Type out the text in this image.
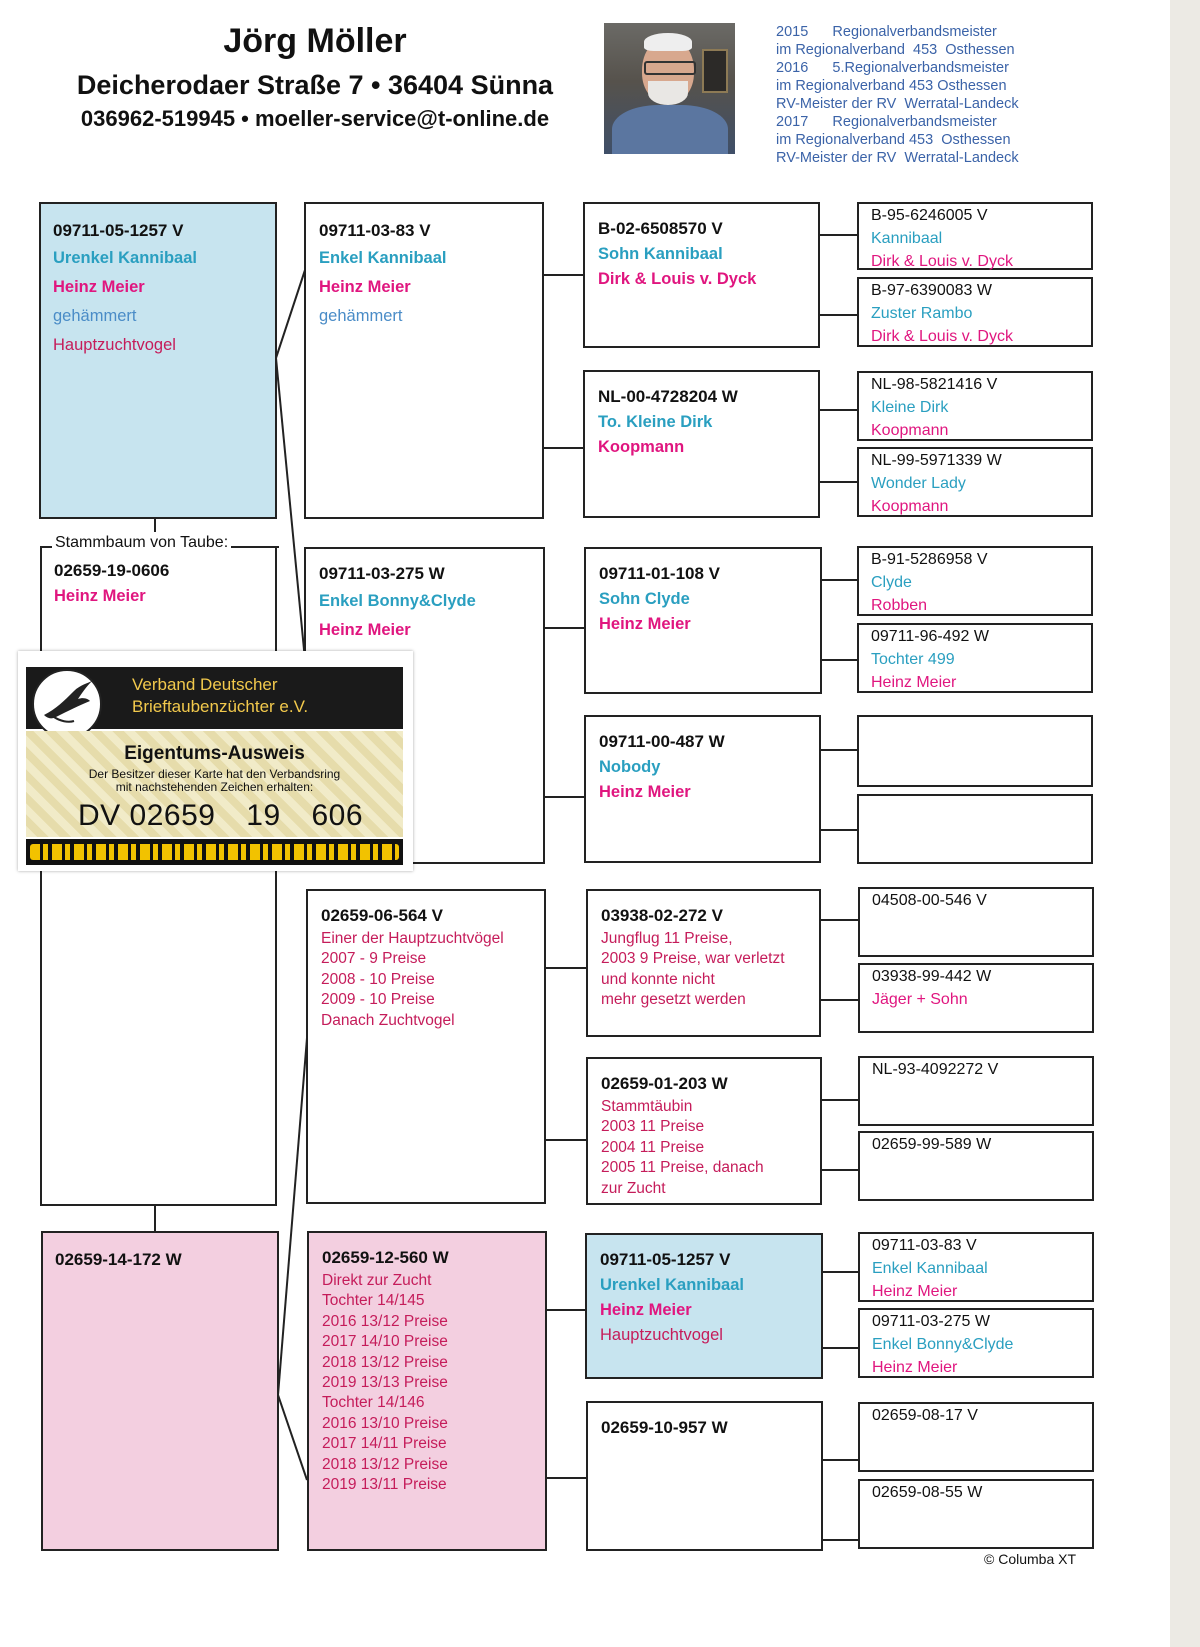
Jörg Möller
Deicherodaer Straße 7 • 36404 Sünna
036962-519945 • moeller-service@t-online.de
2015      Regionalverbandsmeister
im Regionalverband  453  Osthessen
2016      5.Regionalverbandsmeister
im Regionalverband 453 Osthessen
RV-Meister der RV  Werratal-Landeck
2017      Regionalverbandsmeister
im Regionalverband 453  Osthessen
RV-Meister der RV  Werratal-Landeck
09711-05-1257 V
Urenkel Kannibaal
Heinz Meier
gehämmert
Hauptzuchtvogel
02659-19-0606
Heinz Meier
Stammbaum von Taube:
02659-14-172 W
09711-03-83 V
Enkel Kannibaal
Heinz Meier
gehämmert
09711-03-275 W
Enkel Bonny&Clyde
Heinz Meier
02659-06-564 V
Einer der Hauptzuchtvögel
2007 - 9 Preise
2008 - 10 Preise
2009 - 10 Preise
Danach Zuchtvogel
02659-12-560 W
Direkt zur Zucht
Tochter 14/145
2016 13/12 Preise
2017 14/10 Preise
2018 13/12 Preise
2019 13/13 Preise
Tochter 14/146
2016 13/10 Preise
2017 14/11 Preise
2018 13/12 Preise
2019 13/11 Preise
B-02-6508570 V
Sohn Kannibaal
Dirk & Louis v. Dyck
NL-00-4728204 W
To. Kleine Dirk
Koopmann
09711-01-108 V
Sohn Clyde
Heinz Meier
09711-00-487 W
Nobody
Heinz Meier
03938-02-272 V
Jungflug 11 Preise,
2003 9 Preise, war verletzt
und konnte nicht
mehr gesetzt werden
02659-01-203 W
Stammtäubin
2003 11 Preise
2004 11 Preise
2005 11 Preise, danach
zur Zucht
09711-05-1257 V
Urenkel Kannibaal
Heinz Meier
Hauptzuchtvogel
02659-10-957 W
B-95-6246005 V
Kannibaal
Dirk & Louis v. Dyck
B-97-6390083 W
Zuster Rambo
Dirk & Louis v. Dyck
NL-98-5821416 V
Kleine Dirk
Koopmann
NL-99-5971339 W
Wonder Lady
Koopmann
B-91-5286958 V
Clyde
Robben
09711-96-492 W
Tochter 499
Heinz Meier
04508-00-546 V
03938-99-442 W
Jäger + Sohn
NL-93-4092272 V
02659-99-589 W
09711-03-83 V
Enkel Kannibaal
Heinz Meier
09711-03-275 W
Enkel Bonny&Clyde
Heinz Meier
02659-08-17 V
02659-08-55 W
Verband Deutscher
Brieftaubenzüchter e.V.
Eigentums-Ausweis
Der Besitzer dieser Karte hat den Verbandsring
mit nachstehenden Zeichen erhalten:
DV 02659 19 606
© Columba XT
